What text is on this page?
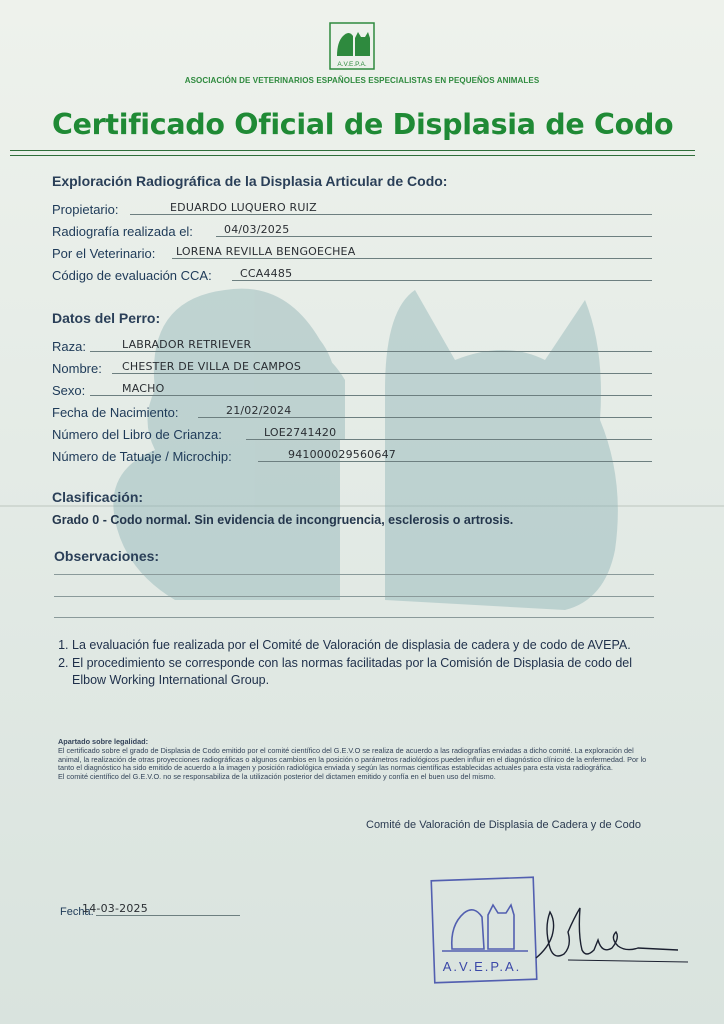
A.V.E.P.A.
ASOCIACIÓN DE VETERINARIOS ESPAÑOLES ESPECIALISTAS EN PEQUEÑOS ANIMALES
Certificado Oficial de Displasia de Codo
Exploración Radiográfica de la Displasia Articular de Codo:
Propietario:	EDUARDO LUQUERO RUIZ
Radiografía realizada el:	04/03/2025
Por el Veterinario: LORENA REVILLA BENGOECHEA
Código de evaluación CCA:	CCA4485
Datos del Perro:
Raza:	LABRADOR RETRIEVER
Nombre: CHESTER DE VILLA DE CAMPOS
Sexo:	MACHO
Fecha de Nacimiento:	21/02/2024
Número del Libro de Crianza:	LOE2741420
Número de Tatuaje / Microchip:	941000029560647
Clasificación:
Grado 0 - Codo normal. Sin evidencia de incongruencia, esclerosis o artrosis.
Observaciones:
1. La evaluación fue realizada por el Comité de Valoración de displasia de cadera y de codo de AVEPA.
2. El procedimiento se corresponde con las normas facilitadas por la Comisión de Displasia de codo del Elbow Working International Group.
Apartado sobre legalidad:
El certificado sobre el grado de Displasia de Codo emitido por el comité científico del G.E.V.O se realiza de acuerdo a las radiografías enviadas a dicho comité. La exploración del animal, la realización de otras proyecciones radiográficas o algunos cambios en la posición o parámetros radiológicos pueden influir en el diagnóstico clínico de la enfermedad. Por lo tanto el diagnóstico ha sido emitido de acuerdo a la imagen y posición radiológica enviada y según las normas científicas establecidas actuales para esta vista radiográfica.
El comité científico del G.E.V.O. no se responsabiliza de la utilización posterior del dictamen emitido y confía en el buen uso del mismo.
Comité de Valoración de Displasia de Cadera y de Codo
Fecha:
14-03-2025
A.V.E.P.A.
